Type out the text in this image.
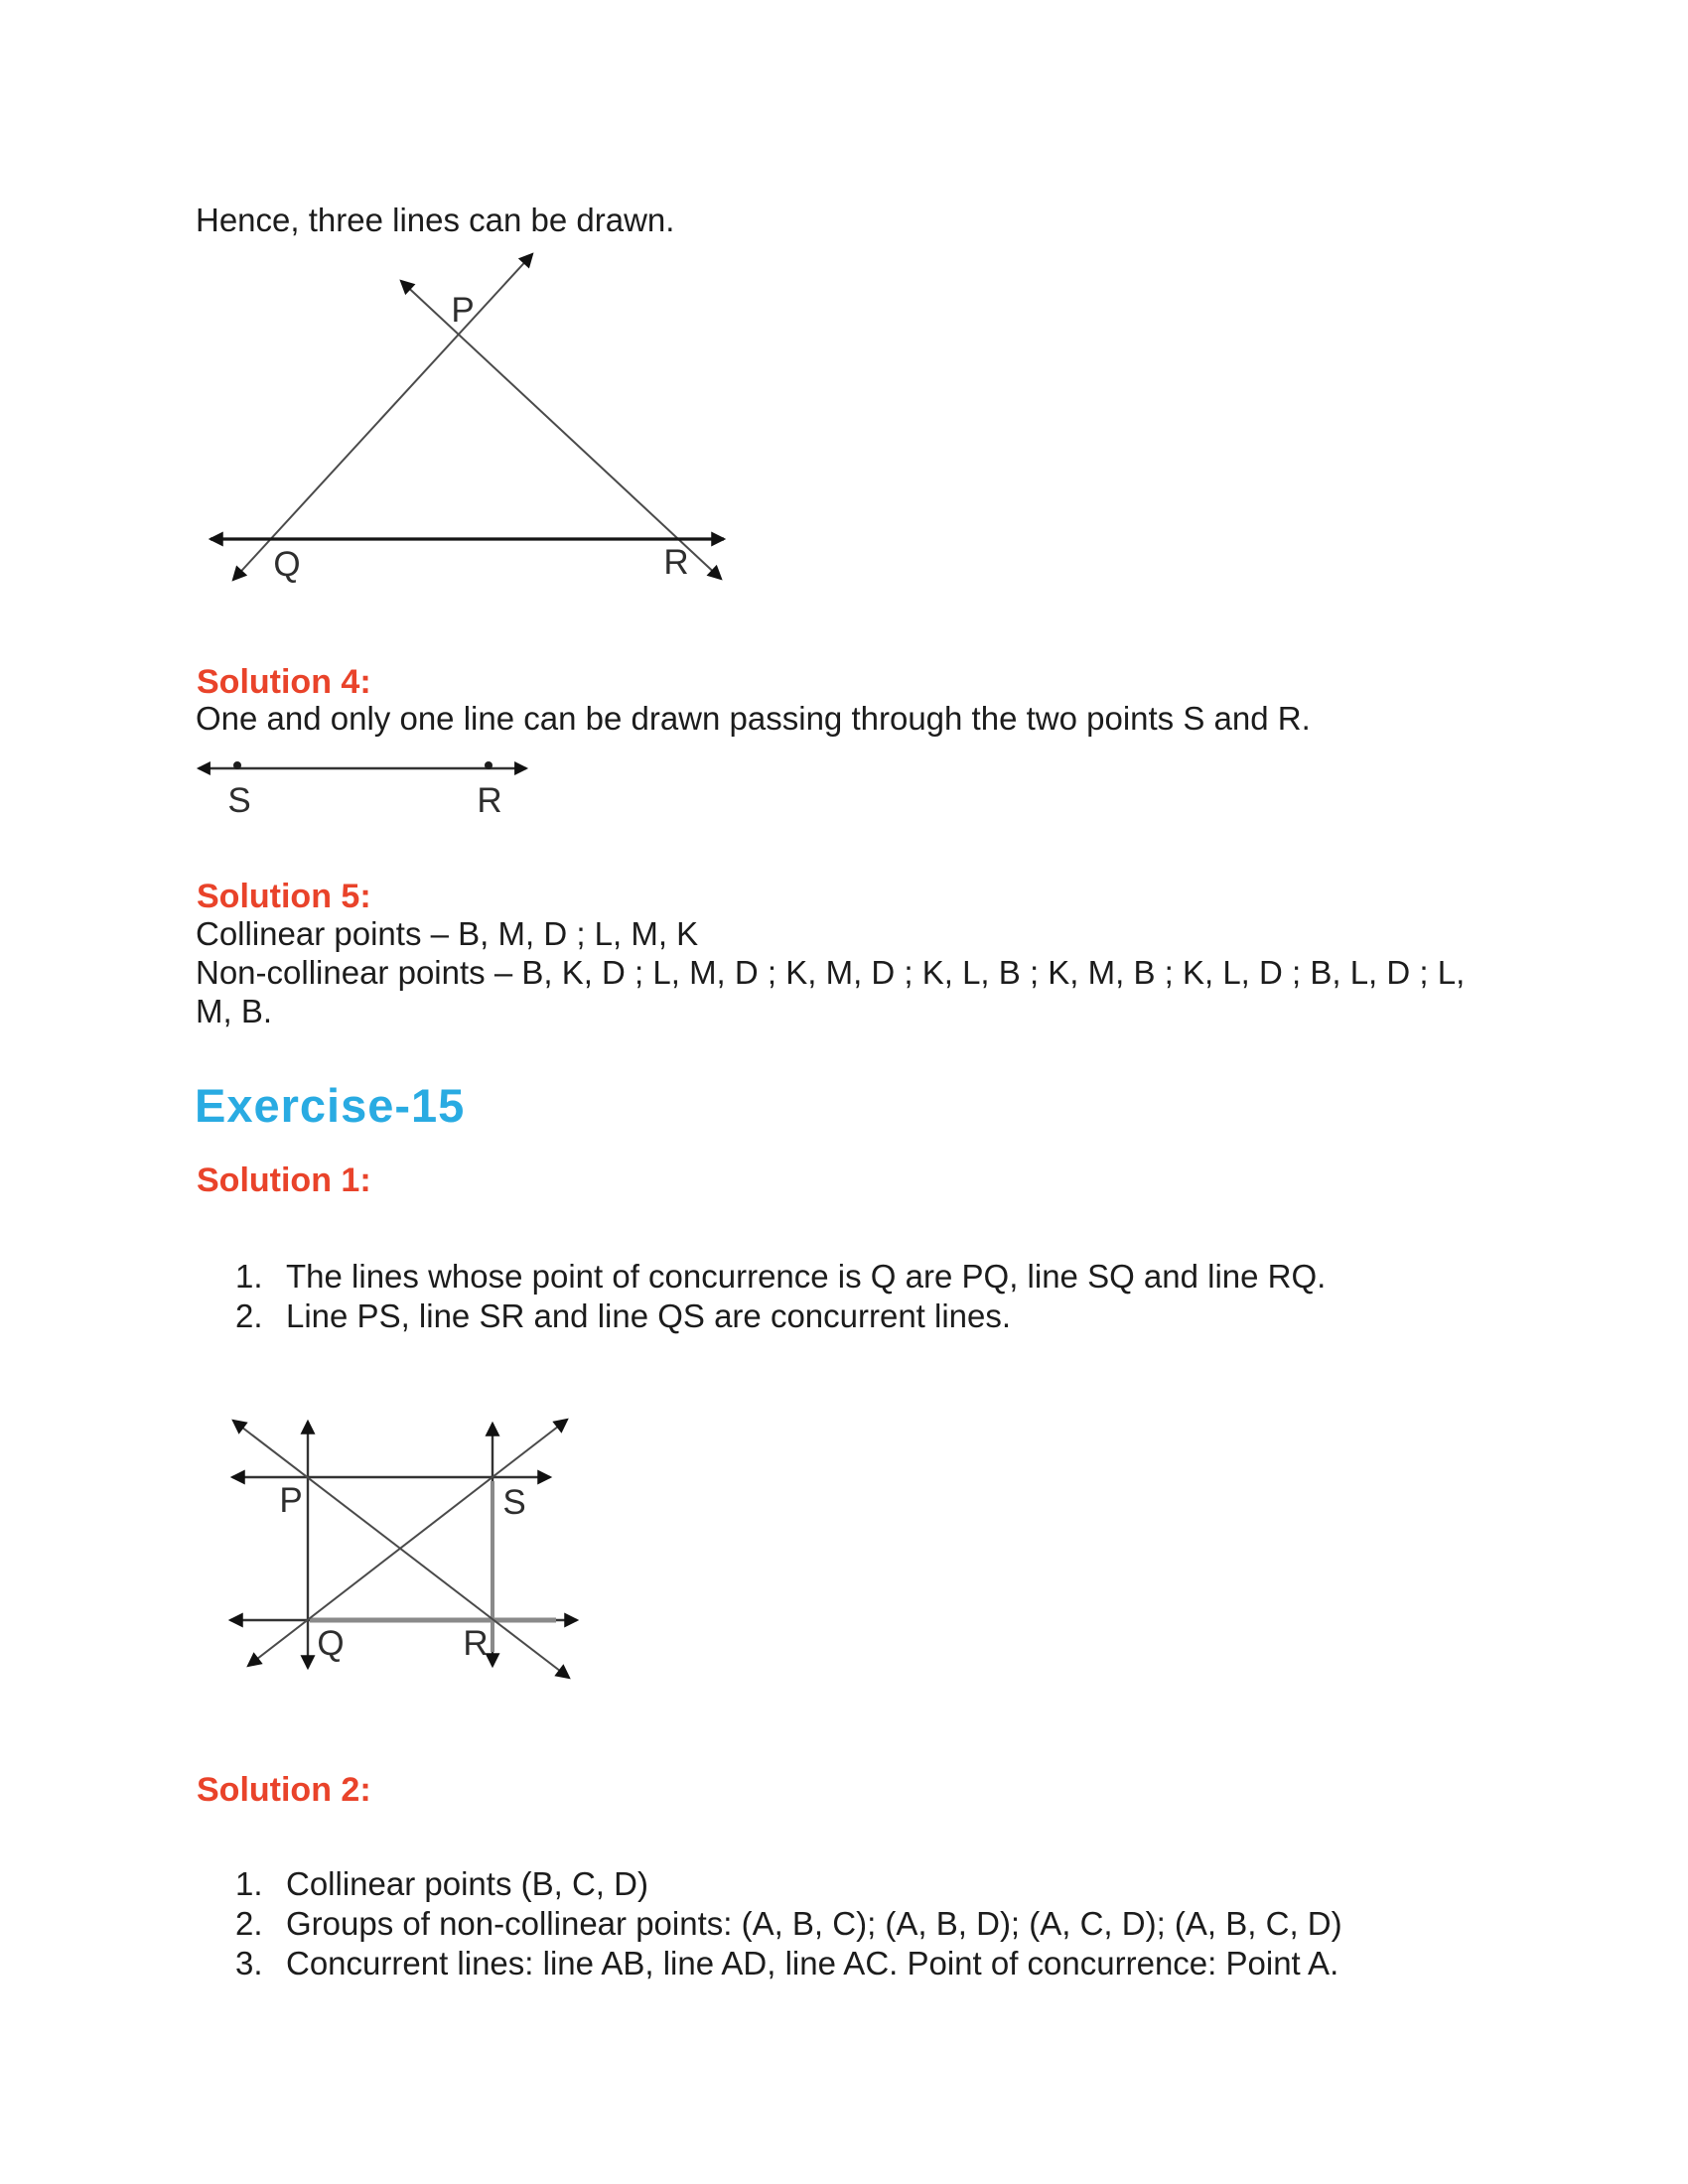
Hence, three lines can be drawn.

P
Q	R
Solution 4:

One and only one line can be drawn passing through the two points S and R.

S	R
Solution 5:
Collinear points – B, M, D ; L, M, K
Non-collinear points – B, K, D ; L, M, D ; K, M, D ; K, L, B ; K, M, B ; K, L, D ; B, L, D ; L,
M, B.
Exercise-15
Solution 1:
1. The lines whose point of concurrence is Q are PQ, line SQ and line RQ.
2. Line PS, line SR and line QS are concurrent lines.
P	S
Q	R
Solution 2:
1. Collinear points (B, C, D)
2. Groups of non-collinear points: (A, B, C); (A, B, D); (A, C, D); (A, B, C, D)
3. Concurrent lines: line AB, line AD, line AC. Point of concurrence: Point A.
